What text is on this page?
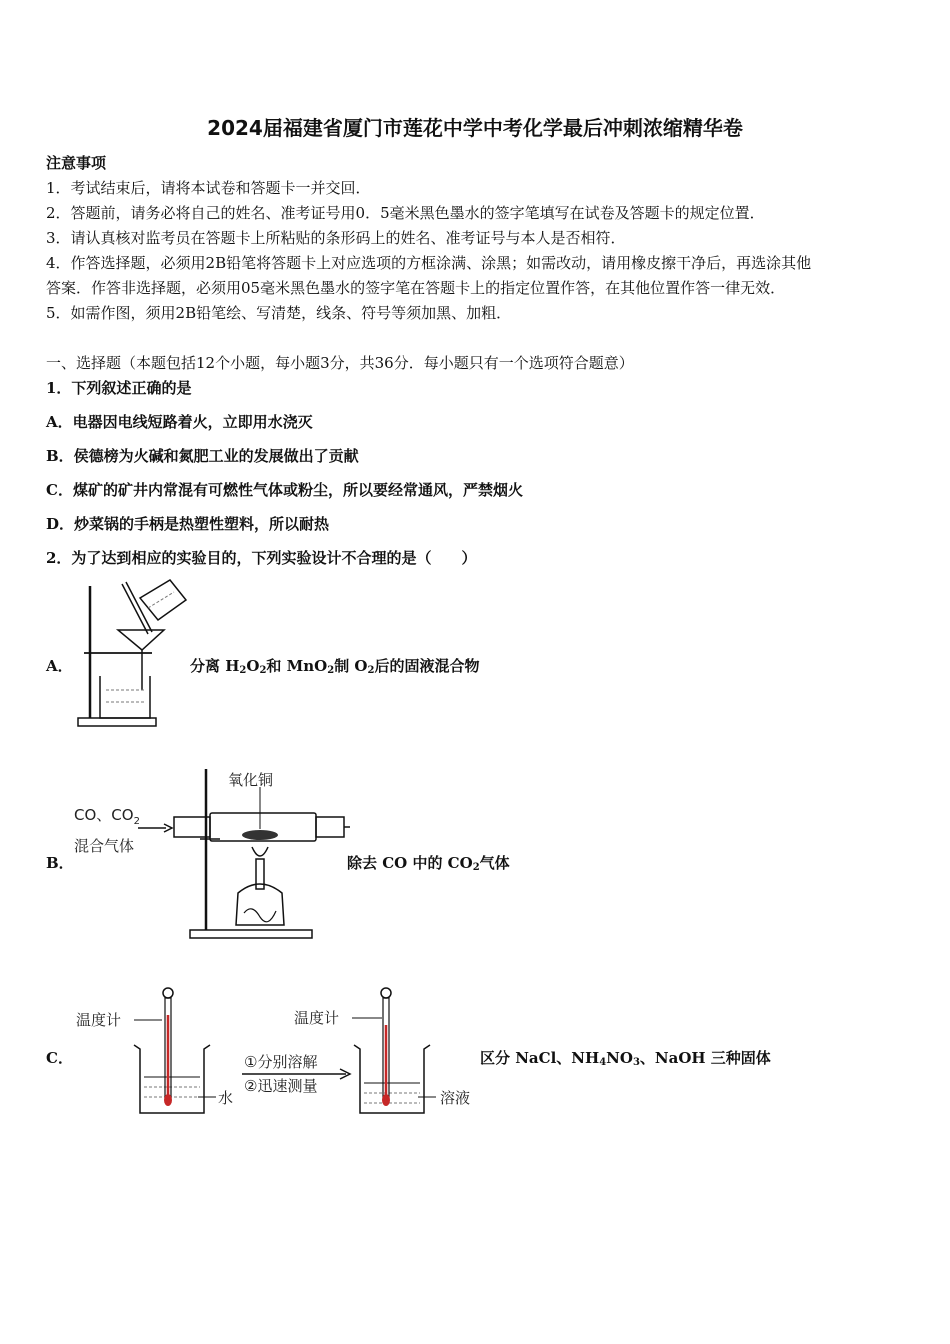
2024届福建省厦门市莲花中学中考化学最后冲刺浓缩精华卷
注意事项
1．考试结束后，请将本试卷和答题卡一并交回．
2．答题前，请务必将自己的姓名、准考证号用0．5毫米黑色墨水的签字笔填写在试卷及答题卡的规定位置．
3．请认真核对监考员在答题卡上所粘贴的条形码上的姓名、准考证号与本人是否相符．
4．作答选择题，必须用2B铅笔将答题卡上对应选项的方框涂满、涂黑；如需改动，请用橡皮擦干净后，再选涂其他
答案．作答非选择题，必须用05毫米黑色墨水的签字笔在答题卡上的指定位置作答，在其他位置作答一律无效．
5．如需作图，须用2B铅笔绘、写清楚，线条、符号等须加黑、加粗．
一、选择题（本题包括12个小题，每小题3分，共36分．每小题只有一个选项符合题意）
1．下列叙述正确的是
A．电器因电线短路着火，立即用水浇灭
B．侯德榜为火碱和氮肥工业的发展做出了贡献
C．煤矿的矿井内常混有可燃性气体或粉尘，所以要经常通风，严禁烟火
D．炒菜锅的手柄是热塑性塑料，所以耐热
2．为了达到相应的实验目的，下列实验设计不合理的是（　　）
A．	分离 $H_2O_2$和 MnO$_2$制 $O_2$后的固液混合物
B．
CO、$CO_2$
混合气体
氧化铜
除去 CO 中的 $CO_2$气体
C．
温度计
水
①分别溶解
②迅速测量
温度计
溶液
区分 NaCl、$NH_4NO_3$、NaOH 三种固体
